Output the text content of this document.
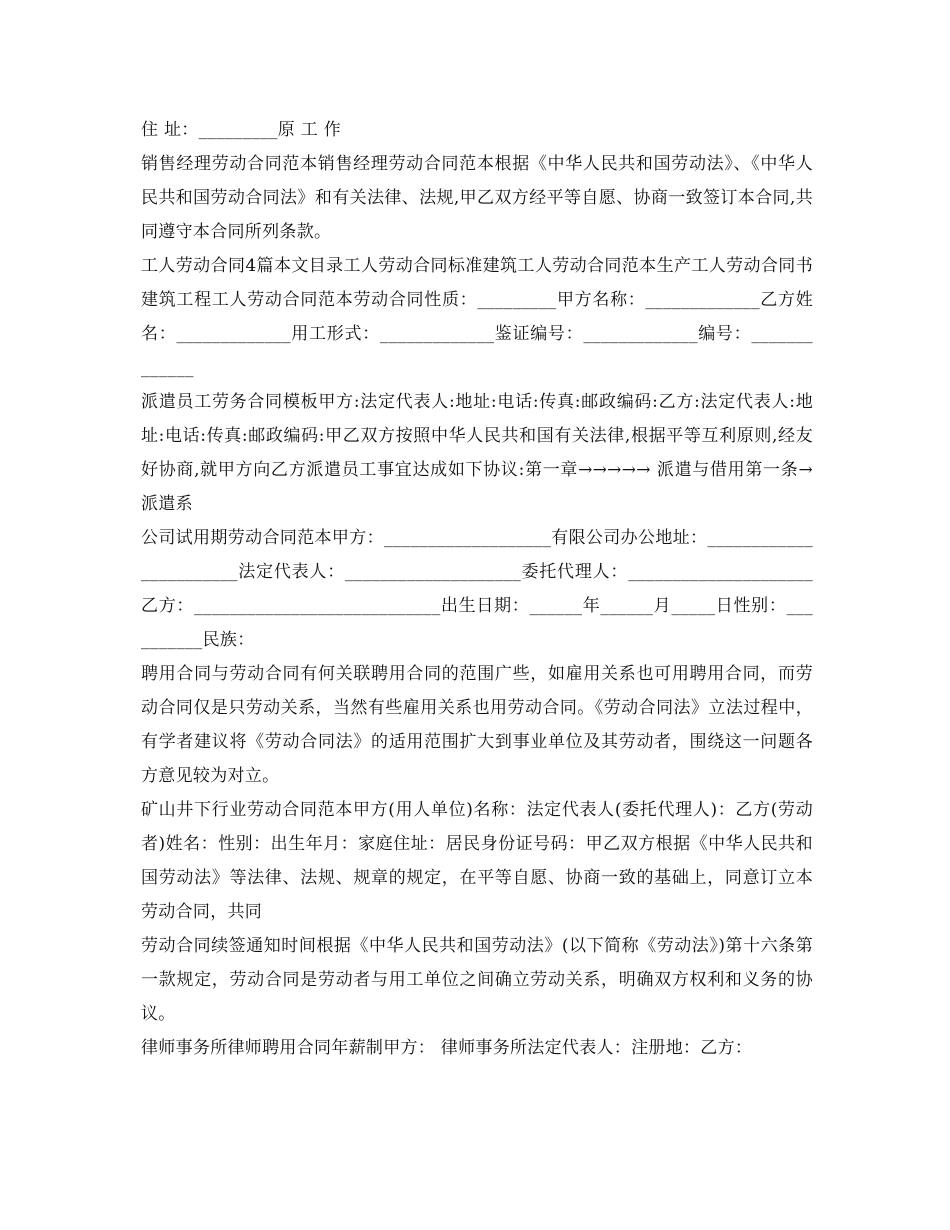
住 址：_________原 工 作

销售经理劳动合同范本销售经理劳动合同范本根据《中华人民共和国劳动法》、《中华人民共和国劳动合同法》和有关法律、法规,甲乙双方经平等自愿、协商一致签订本合同,共同遵守本合同所列条款。

工人劳动合同4篇本文目录工人劳动合同标准建筑工人劳动合同范本生产工人劳动合同书建筑工程工人劳动合同范本劳动合同性质：_________甲方名称：_____________乙方姓名：_____________用工形式：_____________鉴证编号：_____________编号：_____________

派遣员工劳务合同模板甲方:法定代表人:地址:电话:传真:邮政编码:乙方:法定代表人:地址:电话:传真:邮政编码:甲乙双方按照中华人民共和国有关法律,根据平等互利原则,经友好协商,就甲方向乙方派遣员工事宜达成如下协议:第一章→→→→→ 派遣与借用第一条→派遣系

公司试用期劳动合同范本甲方：___________________有限公司办公地址：_______________________法定代表人：____________________委托代理人：_____________________乙方：____________________________出生日期：______年______月_____日性别：__________民族：

聘用合同与劳动合同有何关联聘用合同的范围广些，如雇用关系也可用聘用合同，而劳动合同仅是只劳动关系，当然有些雇用关系也用劳动合同。《劳动合同法》立法过程中，有学者建议将《劳动合同法》的适用范围扩大到事业单位及其劳动者，围绕这一问题各方意见较为对立。

矿山井下行业劳动合同范本甲方(用人单位)名称：法定代表人(委托代理人)：乙方(劳动者)姓名：性别：出生年月：家庭住址：居民身份证号码：甲乙双方根据《中华人民共和国劳动法》等法律、法规、规章的规定，在平等自愿、协商一致的基础上，同意订立本劳动合同，共同

劳动合同续签通知时间根据《中华人民共和国劳动法》(以下简称《劳动法》)第十六条第一款规定，劳动合同是劳动者与用工单位之间确立劳动关系，明确双方权利和义务的协议。

律师事务所律师聘用合同年薪制甲方： 律师事务所法定代表人：注册地：乙方：
